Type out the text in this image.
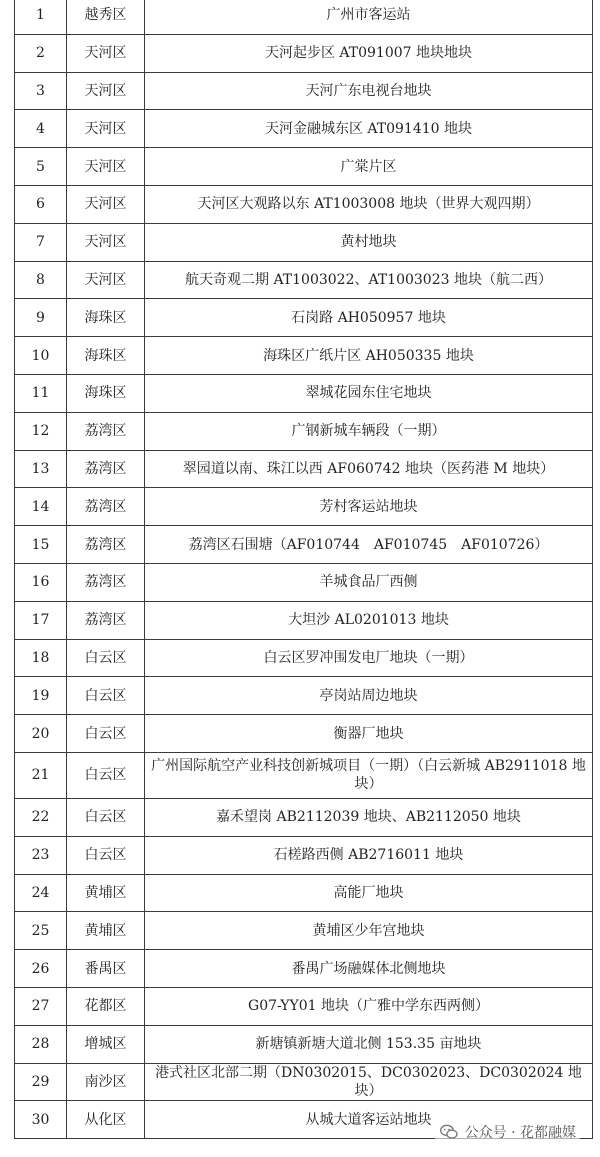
1	越秀区	广州市客运站
2	天河区	天河起步区 AT091007 地块地块
3	天河区	天河广东电视台地块
4	天河区	天河金融城东区 AT091410 地块
5	天河区	广棠片区
6	天河区	天河区大观路以东 AT1003008 地块（世界大观四期）
7	天河区	黄村地块
8	天河区	航天奇观二期 AT1003022、AT1003023 地块（航二西）
9	海珠区	石岗路 AH050957 地块
10	海珠区	海珠区广纸片区 AH050335 地块
11	海珠区	翠城花园东住宅地块
12	荔湾区	广钢新城车辆段（一期）
13	荔湾区	翠园道以南、珠江以西 AF060742 地块（医药港 M 地块）
14	荔湾区	芳村客运站地块
15	荔湾区	荔湾区石围塘（AF010744　AF010745　AF010726）
16	荔湾区	羊城食品厂西侧
17	荔湾区	大坦沙 AL0201013 地块
18	白云区	白云区罗冲围发电厂地块（一期）
19	白云区	亭岗站周边地块
20	白云区	衡器厂地块
21	白云区	广州国际航空产业科技创新城项目（一期）（白云新城 AB2911018 地块）
22	白云区	嘉禾望岗 AB2112039 地块、AB2112050 地块
23	白云区	石槎路西侧 AB2716011 地块
24	黄埔区	高能厂地块
25	黄埔区	黄埔区少年宫地块
26	番禺区	番禺广场融媒体北侧地块
27	花都区	G07-YY01 地块（广雅中学东西两侧）
28	增城区	新塘镇新塘大道北侧 153.35 亩地块
29	南沙区	港式社区北部二期（DN0302015、DC0302023、DC0302024 地块）
30	从化区	从城大道客运站地块
公众号 · 花都融媒
